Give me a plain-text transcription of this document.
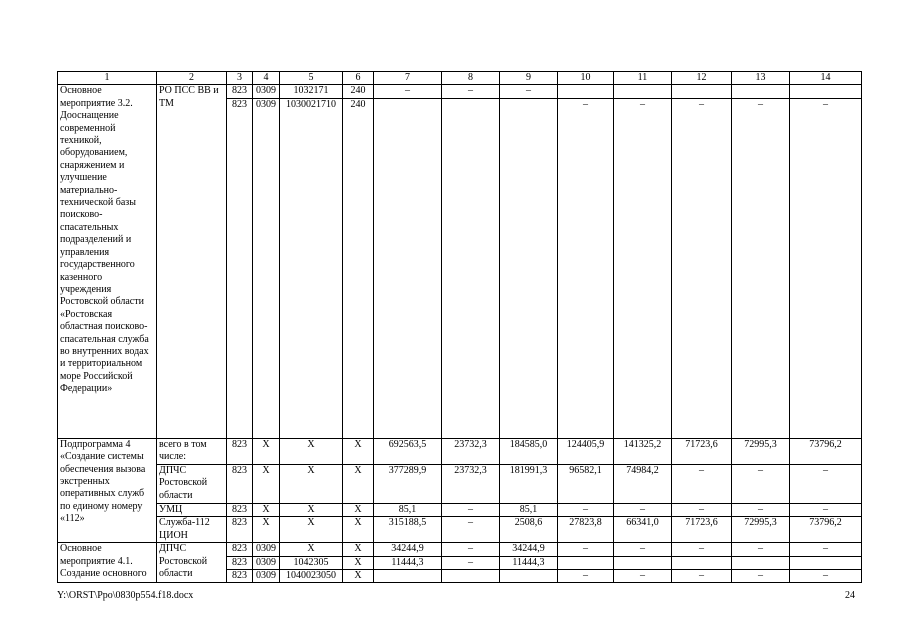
1	2	3	4	5	6	7	8	9	10	11	12	13	14
Основное мероприятие 3.2. Дооснащение современной техникой, оборудованием, снаряжением и улучшение материально-технической базы поисково-спасательных подразделений и управления государственного казенного учреждения Ростовской области «Ростовская областная поисково-спасательная служба во внутренних водах и территориальном море Российской Федерации»	РО ПСС ВВ и ТМ	823	0309	1032171	240	–	–	–					
		823	0309	1030021710	240				–	–	–	–	–
Подпрограмма 4 «Создание системы обеспечения вызова экстренных оперативных служб по единому номеру «112»	всего в том числе:	823	Х	Х	Х	692563,5	23732,3	184585,0	124405,9	141325,2	71723,6	72995,3	73796,2
	ДПЧС Ростовской области	823	Х	Х	Х	377289,9	23732,3	181991,3	96582,1	74984,2	–	–	–
	УМЦ	823	Х	Х	Х	85,1	–	85,1	–	–	–	–	–
	Служба-112 ЦИОН	823	Х	Х	Х	315188,5	–	2508,6	27823,8	66341,0	71723,6	72995,3	73796,2
Основное мероприятие 4.1. Создание основного	ДПЧС Ростовской области	823	0309	Х	Х	34244,9	–	34244,9	–	–	–	–	–
		823	0309	1042305	Х	11444,3	–	11444,3					
		823	0309	1040023050	Х				–	–	–	–	–
Y:\ORST\Ppo\0830p554.f18.docx	24
